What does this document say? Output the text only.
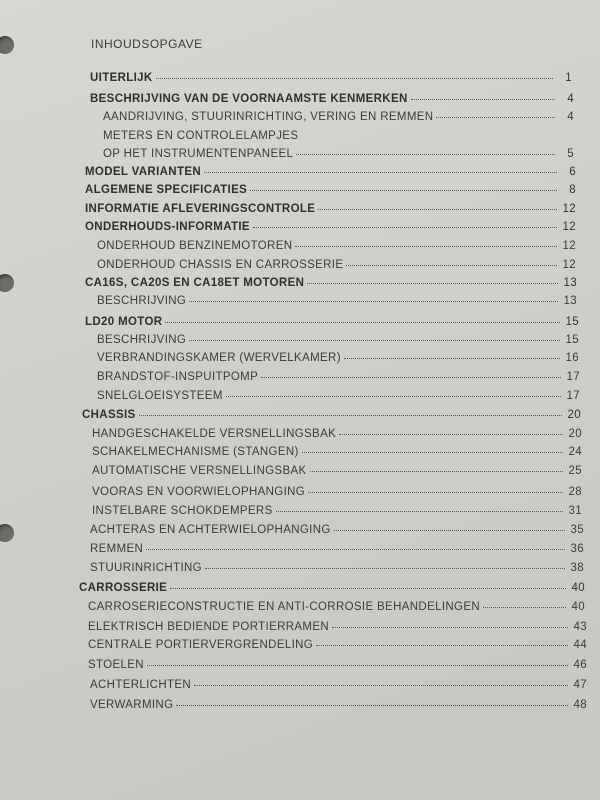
INHOUDSOPGAVE
UITERLIJK	1
BESCHRIJVING VAN DE VOORNAAMSTE KENMERKEN	4
AANDRIJVING, STUURINRICHTING, VERING EN REMMEN	4
METERS EN CONTROLELAMPJES
OP HET INSTRUMENTENPANEEL	5
MODEL VARIANTEN	6
ALGEMENE SPECIFICATIES	8
INFORMATIE AFLEVERINGSCONTROLE	12
ONDERHOUDS-INFORMATIE	12
ONDERHOUD BENZINEMOTOREN	12
ONDERHOUD CHASSIS EN CARROSSERIE	12
CA16S, CA20S EN CA18ET MOTOREN	13
BESCHRIJVING	13
LD20 MOTOR	15
BESCHRIJVING	15
VERBRANDINGSKAMER (WERVELKAMER)	16
BRANDSTOF-INSPUITPOMP	17
SNELGLOEISYSTEEM	17
CHASSIS	20
HANDGESCHAKELDE VERSNELLINGSBAK	20
SCHAKELMECHANISME (STANGEN)	24
AUTOMATISCHE VERSNELLINGSBAK	25
VOORAS EN VOORWIELOPHANGING	28
INSTELBARE SCHOKDEMPERS	31
ACHTERAS EN ACHTERWIELOPHANGING	35
REMMEN	36
STUURINRICHTING	38
CARROSSERIE	40
CARROSERIECONSTRUCTIE EN ANTI-CORROSIE BEHANDELINGEN	40
ELEKTRISCH BEDIENDE PORTIERRAMEN	43
CENTRALE PORTIERVERGRENDELING	44
STOELEN	46
ACHTERLICHTEN	47
VERWARMING	48
